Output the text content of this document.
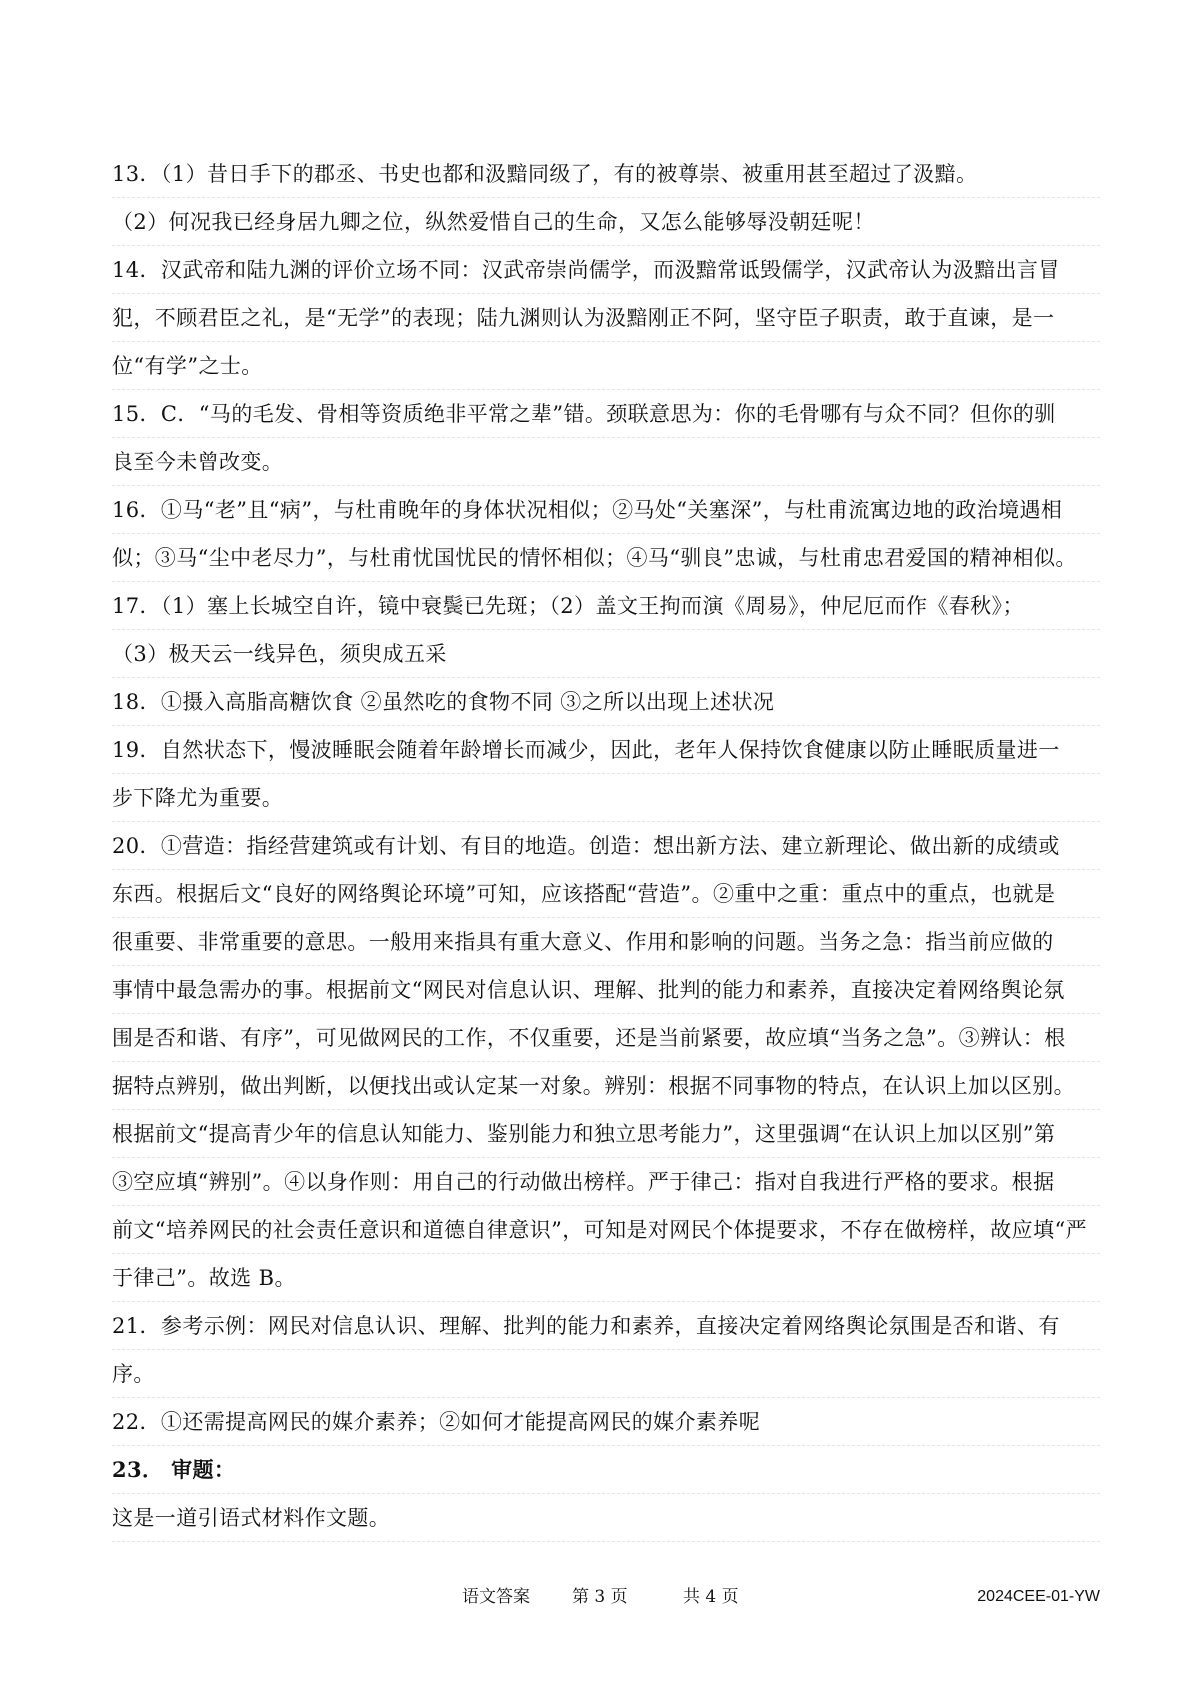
13．（1）昔日手下的郡丞、书史也都和汲黯同级了，有的被尊崇、被重用甚至超过了汲黯。
（2）何况我已经身居九卿之位，纵然爱惜自己的生命，又怎么能够辱没朝廷呢！
14．汉武帝和陆九渊的评价立场不同：汉武帝崇尚儒学，而汲黯常诋毁儒学，汉武帝认为汲黯出言冒
犯，不顾君臣之礼，是“无学”的表现；陆九渊则认为汲黯刚正不阿，坚守臣子职责，敢于直谏，是一
位“有学”之士。
15．C．“马的毛发、骨相等资质绝非平常之辈”错。颈联意思为：你的毛骨哪有与众不同？但你的驯
良至今未曾改变。
16．①马“老”且“病”，与杜甫晚年的身体状况相似；②马处“关塞深”，与杜甫流寓边地的政治境遇相
似；③马“尘中老尽力”，与杜甫忧国忧民的情怀相似；④马“驯良”忠诚，与杜甫忠君爱国的精神相似。
17．（1）塞上长城空自许，镜中衰鬓已先斑；（2）盖文王拘而演《周易》，仲尼厄而作《春秋》；
（3）极天云一线异色，须臾成五采
18．①摄入高脂高糖饮食 ②虽然吃的食物不同 ③之所以出现上述状况
19．自然状态下，慢波睡眠会随着年龄增长而减少，因此，老年人保持饮食健康以防止睡眠质量进一
步下降尤为重要。
20．①营造：指经营建筑或有计划、有目的地造。创造：想出新方法、建立新理论、做出新的成绩或
东西。根据后文“良好的网络舆论环境”可知，应该搭配“营造”。②重中之重：重点中的重点，也就是
很重要、非常重要的意思。一般用来指具有重大意义、作用和影响的问题。当务之急：指当前应做的
事情中最急需办的事。根据前文“网民对信息认识、理解、批判的能力和素养，直接决定着网络舆论氛
围是否和谐、有序”，可见做网民的工作，不仅重要，还是当前紧要，故应填“当务之急”。③辨认：根
据特点辨别，做出判断，以便找出或认定某一对象。辨别：根据不同事物的特点，在认识上加以区别。
根据前文“提高青少年的信息认知能力、鉴别能力和独立思考能力”，这里强调“在认识上加以区别”第
③空应填“辨别”。④以身作则：用自己的行动做出榜样。严于律己：指对自我进行严格的要求。根据
前文“培养网民的社会责任意识和道德自律意识”，可知是对网民个体提要求，不存在做榜样，故应填“严
于律己”。故选 B。
21．参考示例：网民对信息认识、理解、批判的能力和素养，直接决定着网络舆论氛围是否和谐、有
序。
22．①还需提高网民的媒介素养；②如何才能提高网民的媒介素养呢
23． 审题：
这是一道引语式材料作文题。
语文答案 第 3 页	共 4 页	2024CEE-01-YW
